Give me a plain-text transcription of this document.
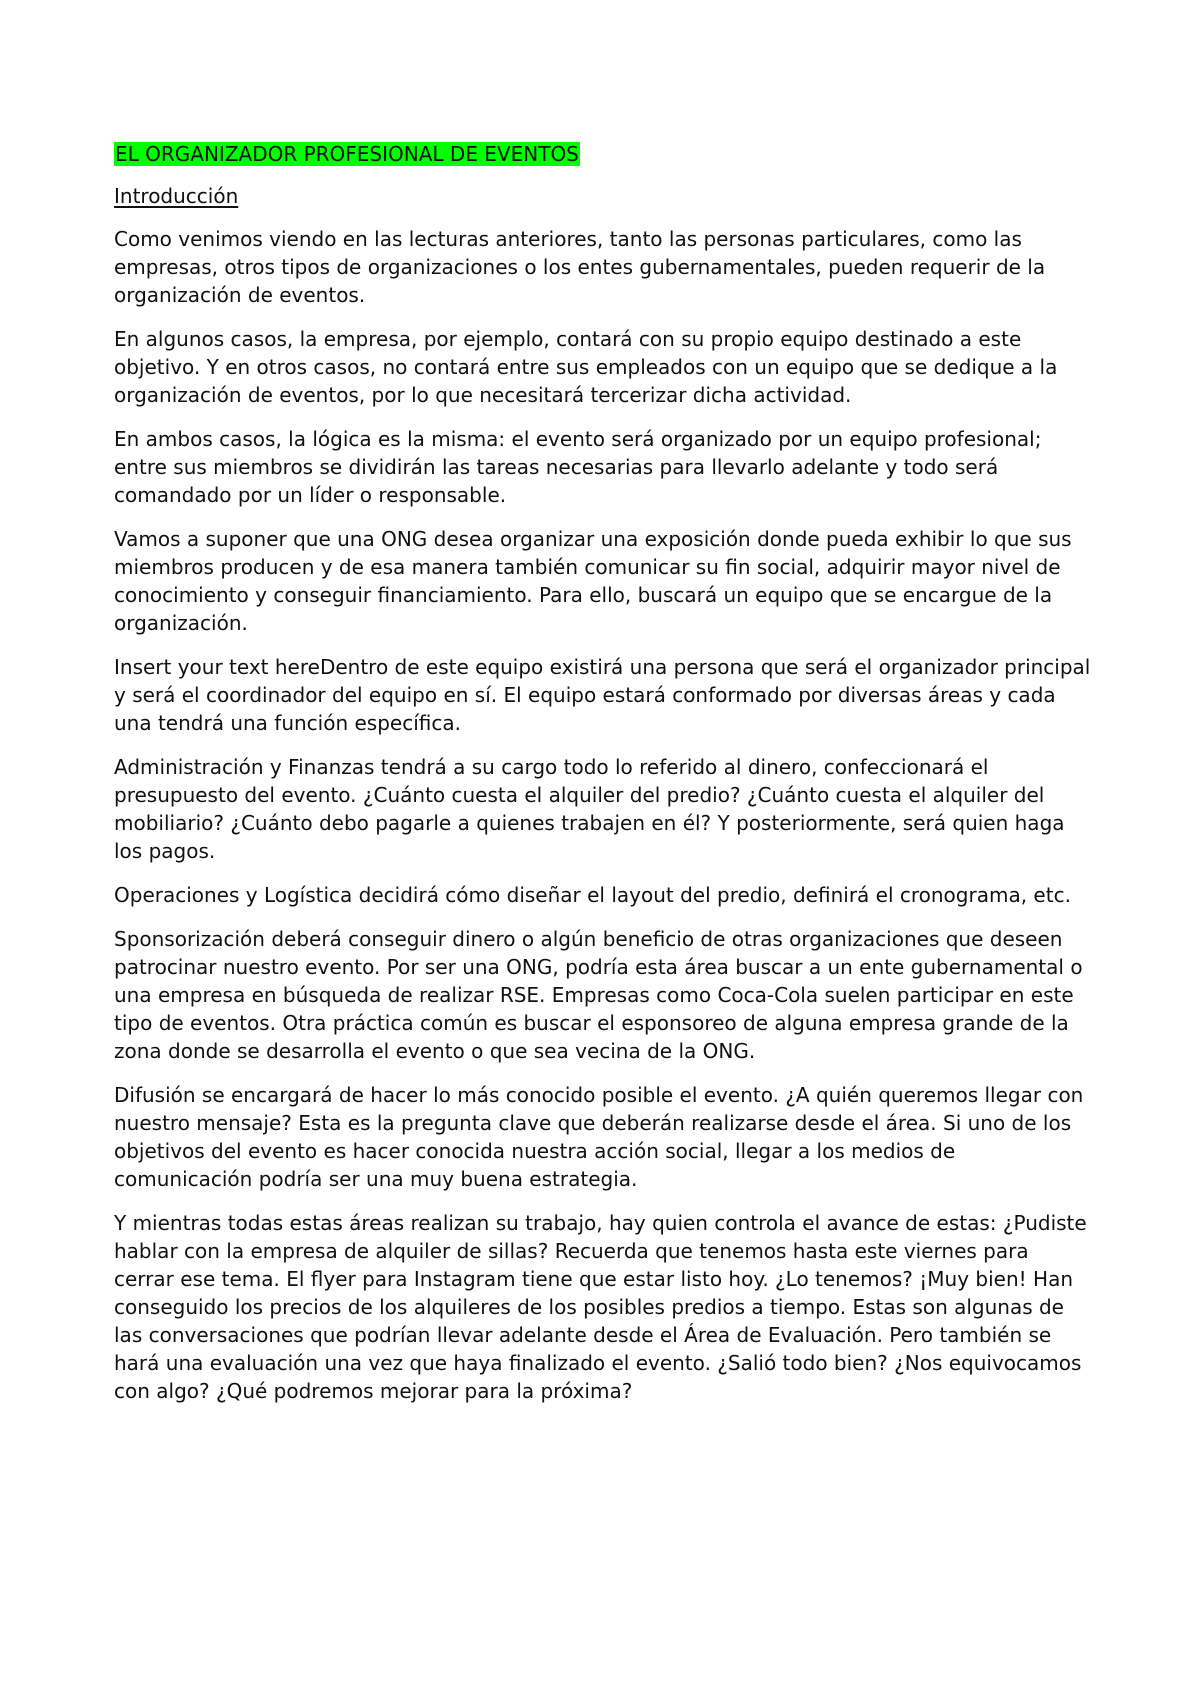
EL ORGANIZADOR PROFESIONAL DE EVENTOS
Introducción

Como venimos viendo en las lecturas anteriores, tanto las personas particulares, como las empresas, otros tipos de organizaciones o los entes gubernamentales, pueden requerir de la organización de eventos.

En algunos casos, la empresa, por ejemplo, contará con su propio equipo destinado a este objetivo. Y en otros casos, no contará entre sus empleados con un equipo que se dedique a la organización de eventos, por lo que necesitará tercerizar dicha actividad.

En ambos casos, la lógica es la misma: el evento será organizado por un equipo profesional; entre sus miembros se dividirán las tareas necesarias para llevarlo adelante y todo será comandado por un líder o responsable.

Vamos a suponer que una ONG desea organizar una exposición donde pueda exhibir lo que sus miembros producen y de esa manera también comunicar su fin social, adquirir mayor nivel de conocimiento y conseguir financiamiento. Para ello, buscará un equipo que se encargue de la organización.

Insert your text hereDentro de este equipo existirá una persona que será el organizador principal y será el coordinador del equipo en sí. El equipo estará conformado por diversas áreas y cada una tendrá una función específica.

Administración y Finanzas tendrá a su cargo todo lo referido al dinero, confeccionará el presupuesto del evento. ¿Cuánto cuesta el alquiler del predio? ¿Cuánto cuesta el alquiler del mobiliario? ¿Cuánto debo pagarle a quienes trabajen en él? Y posteriormente, será quien haga los pagos.

Operaciones y Logística decidirá cómo diseñar el layout del predio, definirá el cronograma, etc.

Sponsorización deberá conseguir dinero o algún beneficio de otras organizaciones que deseen patrocinar nuestro evento. Por ser una ONG, podría esta área buscar a un ente gubernamental o una empresa en búsqueda de realizar RSE. Empresas como Coca-Cola suelen participar en este tipo de eventos. Otra práctica común es buscar el esponsoreo de alguna empresa grande de la zona donde se desarrolla el evento o que sea vecina de la ONG.

Difusión se encargará de hacer lo más conocido posible el evento. ¿A quién queremos llegar con nuestro mensaje? Esta es la pregunta clave que deberán realizarse desde el área. Si uno de los objetivos del evento es hacer conocida nuestra acción social, llegar a los medios de comunicación podría ser una muy buena estrategia.

Y mientras todas estas áreas realizan su trabajo, hay quien controla el avance de estas: ¿Pudiste hablar con la empresa de alquiler de sillas? Recuerda que tenemos hasta este viernes para cerrar ese tema. El flyer para Instagram tiene que estar listo hoy. ¿Lo tenemos? ¡Muy bien! Han conseguido los precios de los alquileres de los posibles predios a tiempo. Estas son algunas de las conversaciones que podrían llevar adelante desde el Área de Evaluación. Pero también se hará una evaluación una vez que haya finalizado el evento. ¿Salió todo bien? ¿Nos equivocamos con algo? ¿Qué podremos mejorar para la próxima?
